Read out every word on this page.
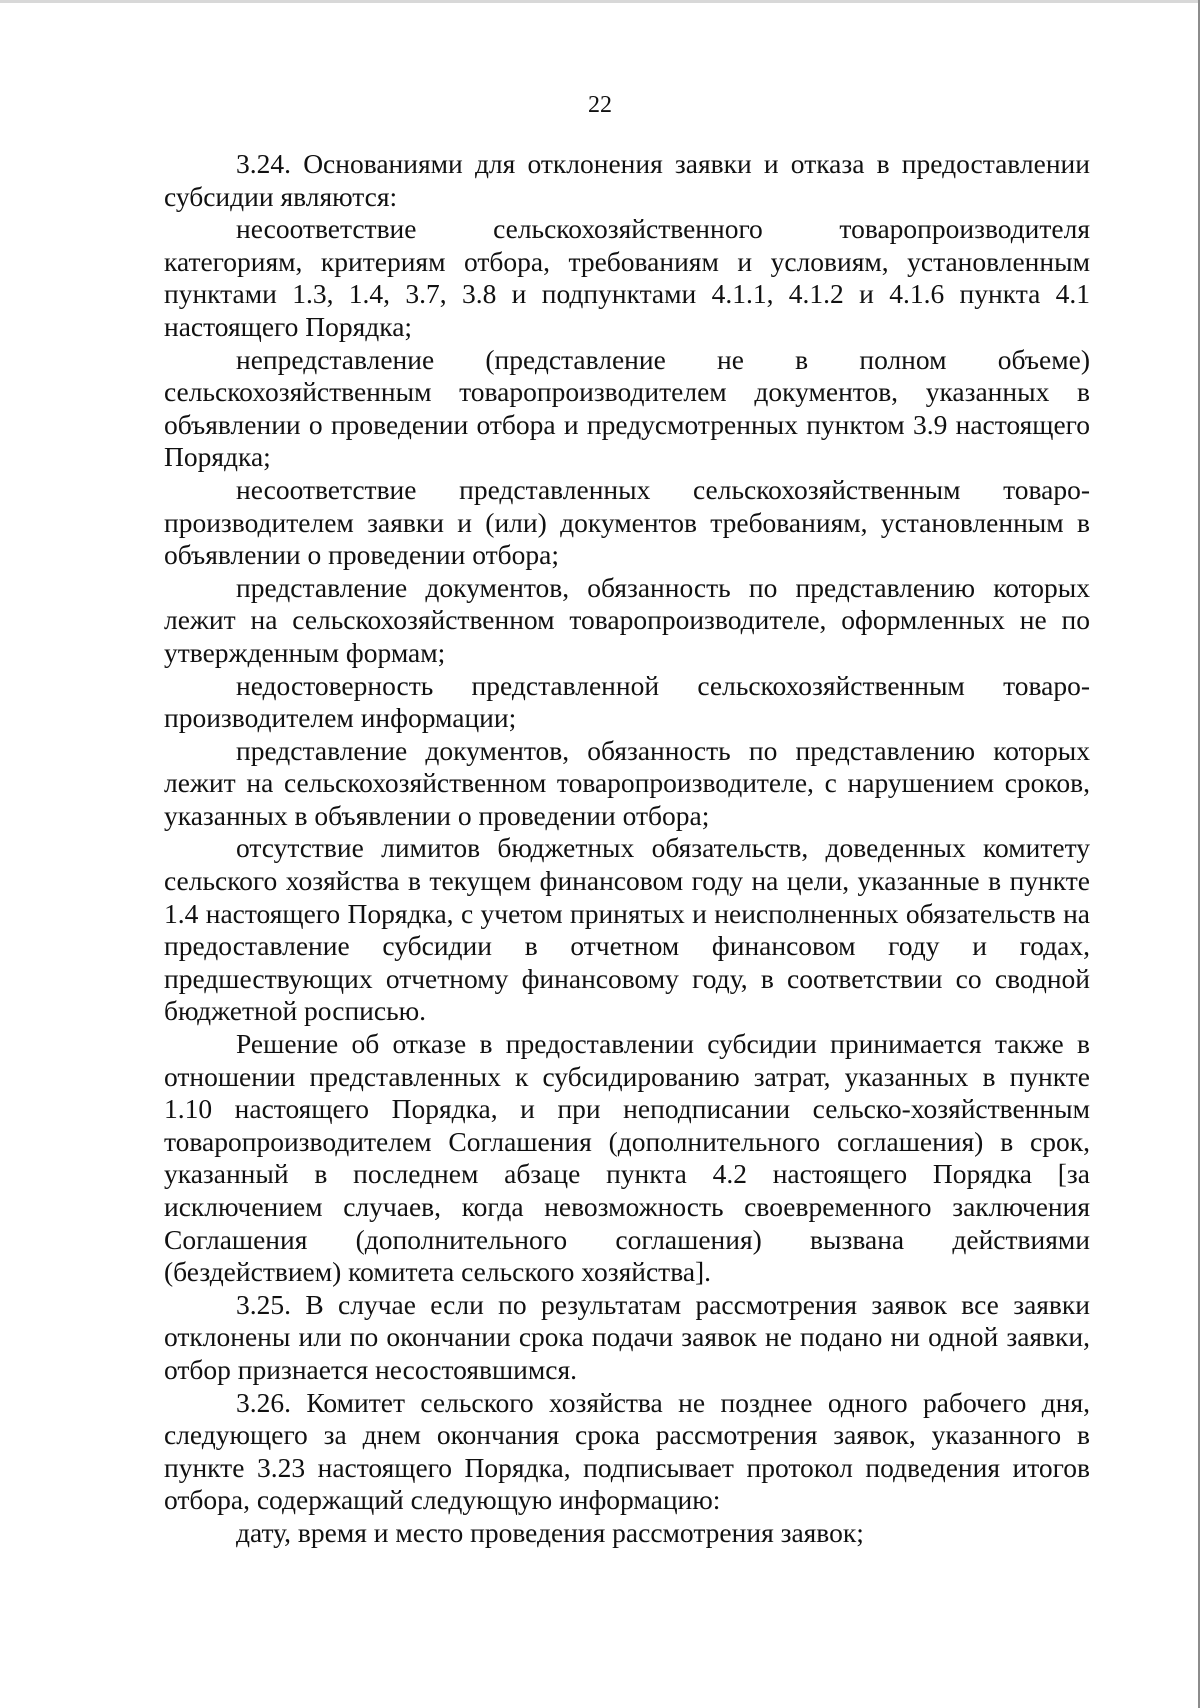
22

3.24. Основаниями для отклонения заявки и отказа в предоставлении субсидии являются:

несоответствие сельскохозяйственного товаропроизводителя категориям, критериям отбора, требованиям и условиям, установленным пунктами 1.3, 1.4, 3.7, 3.8 и подпунктами 4.1.1, 4.1.2 и 4.1.6 пункта 4.1 настоящего Порядка;

непредставление (представление не в полном объеме) сельскохозяйственным товаропроизводителем документов, указанных в объявлении о проведении отбора и предусмотренных пунктом 3.9 настоящего Порядка;

несоответствие представленных сельскохозяйственным товаро-производителем заявки и (или) документов требованиям, установленным в объявлении о проведении отбора;

представление документов, обязанность по представлению которых лежит на сельскохозяйственном товаропроизводителе, оформленных не по утвержденным формам;

недостоверность представленной сельскохозяйственным товаро-производителем информации;

представление документов, обязанность по представлению которых лежит на сельскохозяйственном товаропроизводителе, с нарушением сроков, указанных в объявлении о проведении отбора;

отсутствие лимитов бюджетных обязательств, доведенных комитету сельского хозяйства в текущем финансовом году на цели, указанные в пункте 1.4 настоящего Порядка, с учетом принятых и неисполненных обязательств на предоставление субсидии в отчетном финансовом году и годах, предшествующих отчетному финансовому году, в соответствии со сводной бюджетной росписью.

Решение об отказе в предоставлении субсидии принимается также в отношении представленных к субсидированию затрат, указанных в пункте 1.10 настоящего Порядка, и при неподписании сельско-хозяйственным товаропроизводителем Соглашения (дополнительного соглашения) в срок, указанный в последнем абзаце пункта 4.2 настоящего Порядка [за исключением случаев, когда невозможность своевременного заключения Соглашения (дополнительного соглашения) вызвана действиями (бездействием) комитета сельского хозяйства].

3.25. В случае если по результатам рассмотрения заявок все заявки отклонены или по окончании срока подачи заявок не подано ни одной заявки, отбор признается несостоявшимся.

3.26. Комитет сельского хозяйства не позднее одного рабочего дня, следующего за днем окончания срока рассмотрения заявок, указанного в пункте 3.23 настоящего Порядка, подписывает протокол подведения итогов отбора, содержащий следующую информацию:

дату, время и место проведения рассмотрения заявок;
